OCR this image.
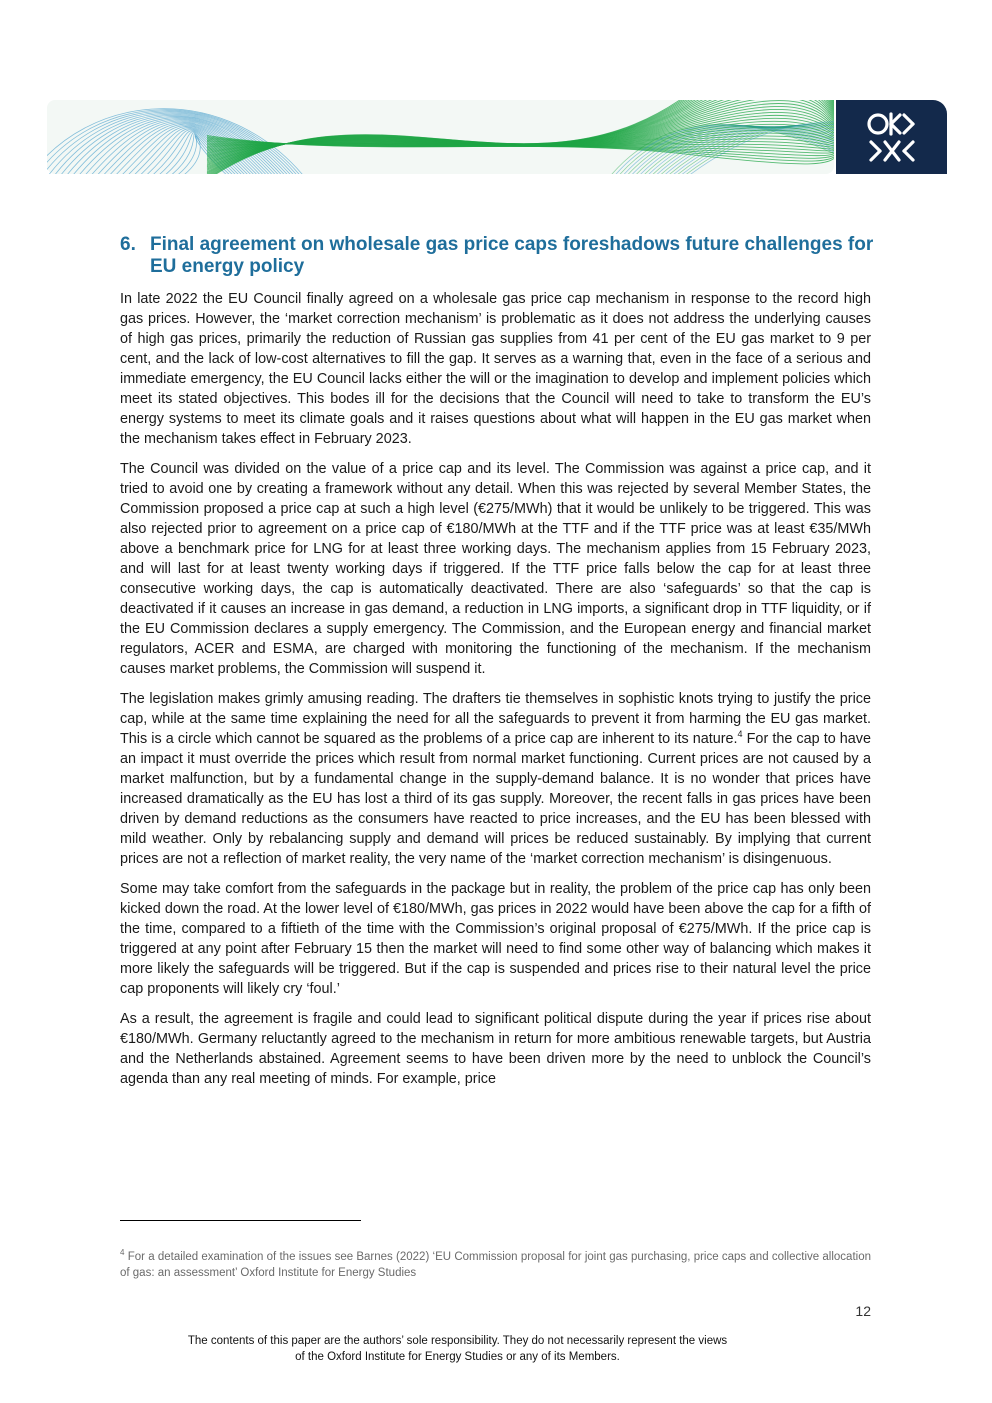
6. Final agreement on wholesale gas price caps foreshadows future challenges for EU energy policy

In late 2022 the EU Council finally agreed on a wholesale gas price cap mechanism in response to the record high gas prices. However, the ‘market correction mechanism’ is problematic as it does not address the underlying causes of high gas prices, primarily the reduction of Russian gas supplies from 41 per cent of the EU gas market to 9 per cent, and the lack of low-cost alternatives to fill the gap. It serves as a warning that, even in the face of a serious and immediate emergency, the EU Council lacks either the will or the imagination to develop and implement policies which meet its stated objectives. This bodes ill for the decisions that the Council will need to take to transform the EU’s energy systems to meet its climate goals and it raises questions about what will happen in the EU gas market when the mechanism takes effect in February 2023.

The Council was divided on the value of a price cap and its level. The Commission was against a price cap, and it tried to avoid one by creating a framework without any detail. When this was rejected by several Member States, the Commission proposed a price cap at such a high level (€275/MWh) that it would be unlikely to be triggered. This was also rejected prior to agreement on a price cap of €180/MWh at the TTF and if the TTF price was at least €35/MWh above a benchmark price for LNG for at least three working days. The mechanism applies from 15 February 2023, and will last for at least twenty working days if triggered. If the TTF price falls below the cap for at least three consecutive working days, the cap is automatically deactivated. There are also ‘safeguards’ so that the cap is deactivated if it causes an increase in gas demand, a reduction in LNG imports, a significant drop in TTF liquidity, or if the EU Commission declares a supply emergency. The Commission, and the European energy and financial market regulators, ACER and ESMA, are charged with monitoring the functioning of the mechanism. If the mechanism causes market problems, the Commission will suspend it.

The legislation makes grimly amusing reading. The drafters tie themselves in sophistic knots trying to justify the price cap, while at the same time explaining the need for all the safeguards to prevent it from harming the EU gas market. This is a circle which cannot be squared as the problems of a price cap are inherent to its nature.$^4$ For the cap to have an impact it must override the prices which result from normal market functioning. Current prices are not caused by a market malfunction, but by a fundamental change in the supply-demand balance. It is no wonder that prices have increased dramatically as the EU has lost a third of its gas supply. Moreover, the recent falls in gas prices have been driven by demand reductions as the consumers have reacted to price increases, and the EU has been blessed with mild weather. Only by rebalancing supply and demand will prices be reduced sustainably. By implying that current prices are not a reflection of market reality, the very name of the ‘market correction mechanism’ is disingenuous.

Some may take comfort from the safeguards in the package but in reality, the problem of the price cap has only been kicked down the road. At the lower level of €180/MWh, gas prices in 2022 would have been above the cap for a fifth of the time, compared to a fiftieth of the time with the Commission’s original proposal of €275/MWh. If the price cap is triggered at any point after February 15 then the market will need to find some other way of balancing which makes it more likely the safeguards will be triggered. But if the cap is suspended and prices rise to their natural level the price cap proponents will likely cry ‘foul.’

As a result, the agreement is fragile and could lead to significant political dispute during the year if prices rise about €180/MWh. Germany reluctantly agreed to the mechanism in return for more ambitious renewable targets, but Austria and the Netherlands abstained. Agreement seems to have been driven more by the need to unblock the Council’s agenda than any real meeting of minds. For example, price

$^4$ For a detailed examination of the issues see Barnes (2022) ‘EU Commission proposal for joint gas purchasing, price caps and collective allocation of gas: an assessment’ Oxford Institute for Energy Studies
12
The contents of this paper are the authors’ sole responsibility. They do not necessarily represent the views
of the Oxford Institute for Energy Studies or any of its Members.
